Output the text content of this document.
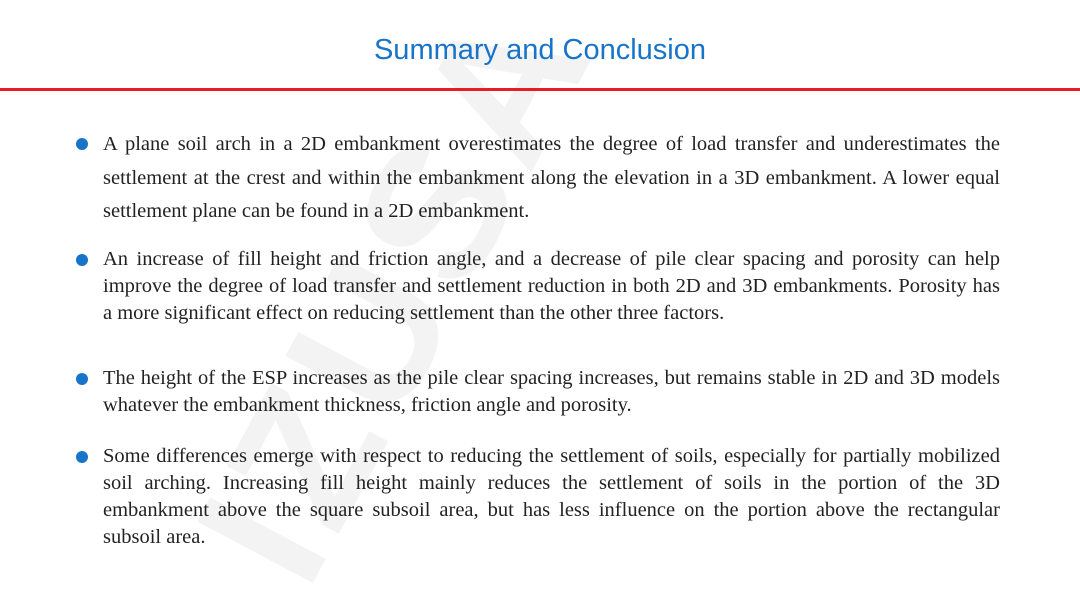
Summary and Conclusion

A plane soil arch in a 2D embankment overestimates the degree of load transfer and underestimates the settlement at the crest and within the embankment along the elevation in a 3D embankment. A lower equal settlement plane can be found in a 2D embankment.

An increase of fill height and friction angle, and a decrease of pile clear spacing and porosity can help improve the degree of load transfer and settlement reduction in both 2D and 3D embankments. Porosity has a more significant effect on reducing settlement than the other three factors.

The height of the ESP increases as the pile clear spacing increases, but remains stable in 2D and 3D models whatever the embankment thickness, friction angle and porosity.

Some differences emerge with respect to reducing the settlement of soils, especially for partially mobilized soil arching. Increasing fill height mainly reduces the settlement of soils in the portion of the 3D embankment above the square subsoil area, but has less influence on the portion above the rectangular subsoil area.
